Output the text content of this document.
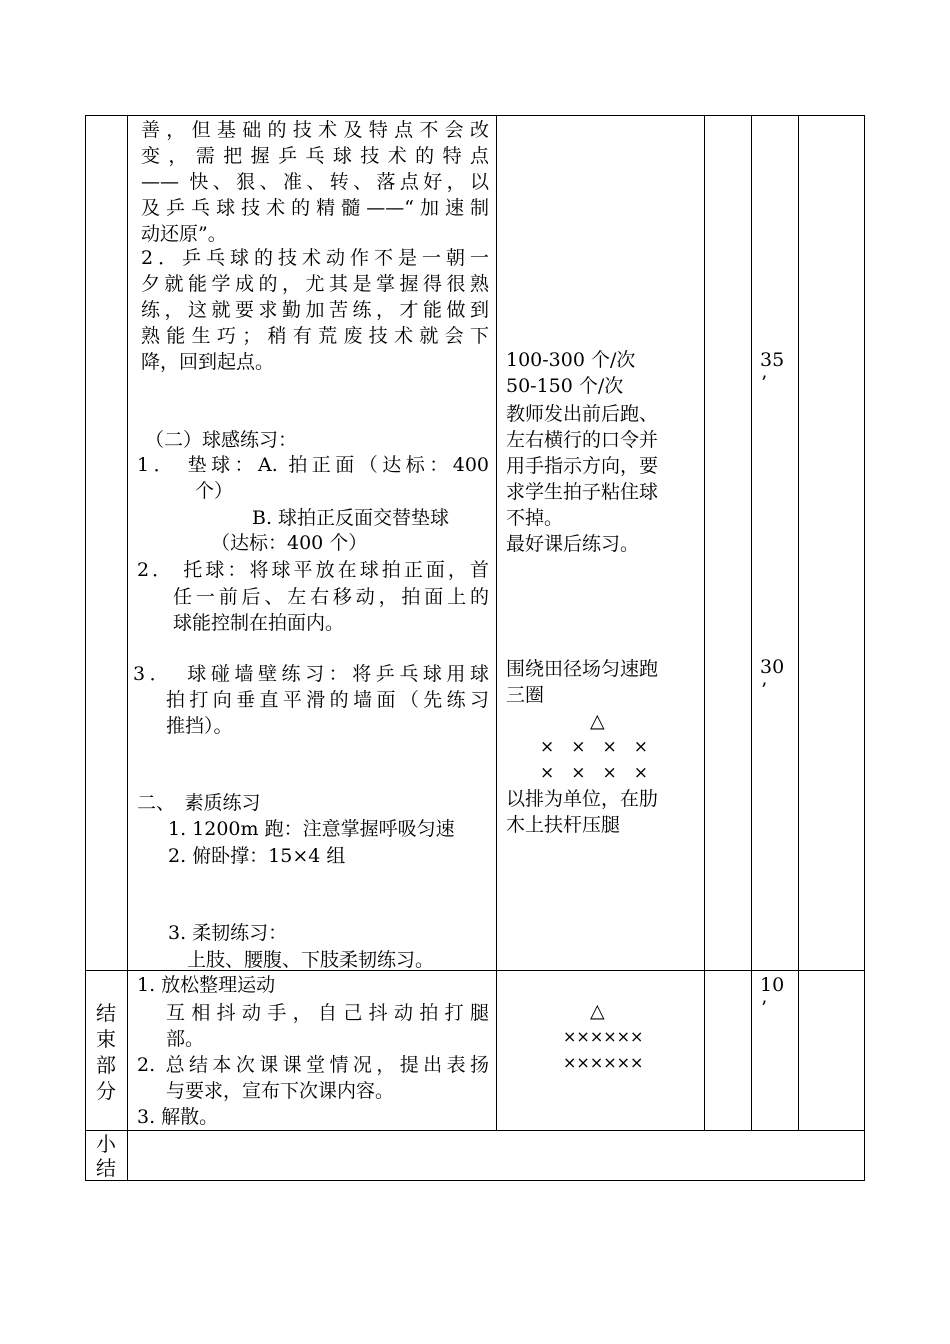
善，但基础的技术及特点不会改
变，需把握乒乓球技术的特点
—— 快、狠、准、转、落点好，以
及乒乓球技术的精髓——“加速制
动还原”。
2．乒乓球的技术动作不是一朝一
夕就能学成的，尤其是掌握得很熟
练，这就要求勤加苦练，才能做到
熟能生巧；稍有荒废技术就会下
降，回到起点。
（二）球感练习：
1． 垫球：A. 拍正面（达标：400
个）
B. 球拍正反面交替垫球
（达标：400 个）
2． 托球：将球平放在球拍正面，首
任一前后、左右移动，拍面上的
球能控制在拍面内。
3．　球碰墙壁练习：将乒乓球用球
拍打向垂直平滑的墙面（先练习
推挡）。
二、　素质练习
1. 1200m 跑：注意掌握呼吸匀速
2. 俯卧撑：15×4 组
3. 柔韧练习：
上肢、腰腹、下肢柔韧练习。
100-300 个/次
50-150 个/次
教师发出前后跑、
左右横行的口令并
用手指示方向，要
求学生拍子粘住球
不掉。
最好课后练习。
围绕田径场匀速跑
三圈
△
×　×　×　×
×　×　×　×
以排为单位，在肋
木上扶杆压腿
35
’
30
’
结
束
部
分
1. 放松整理运动
互相抖动手，自己抖动拍打腿
部。
2. 总结本次课课堂情况，提出表扬
与要求，宣布下次课内容。
3. 解散。
△
××××××
××××××
10
’
小
结
